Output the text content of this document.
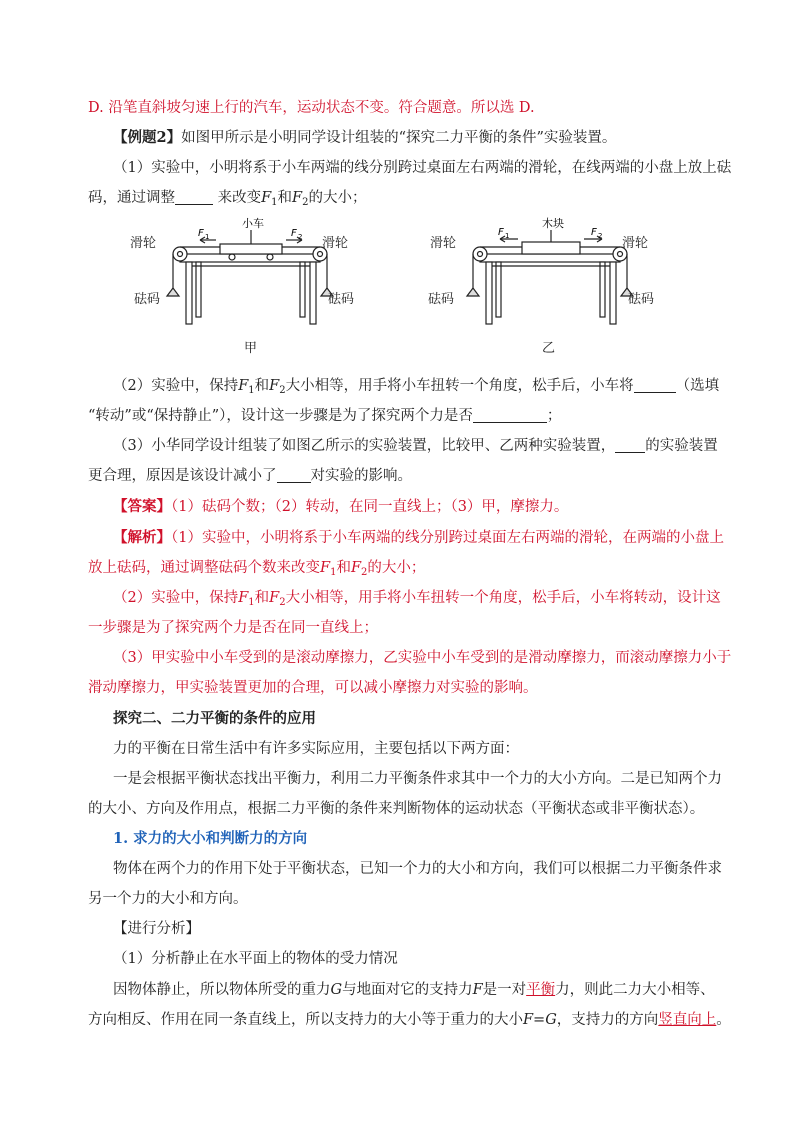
D. 沿笔直斜坡匀速上行的汽车，运动状态不变。符合题意。所以选 D.
【例题2】如图甲所示是小明同学设计组装的“探究二力平衡的条件”实验装置。
（1）实验中，小明将系于小车两端的线分别跨过桌面左右两端的滑轮，在线两端的小盘上放上砝
码，通过调整	来改变$F_1$和$F_2$的大小；
小车
F	F
1	2
滑轮	滑轮
砝码	砝码
甲
木块
F	F
1	2
滑轮	滑轮
砝码	砝码
乙
（2）实验中，保持$F_1$和$F_2$大小相等，用手将小车扭转一个角度，松手后，小车将	（选填
“转动”或“保持静止”），设计这一步骤是为了探究两个力是否	；
（3）小华同学设计组装了如图乙所示的实验装置，比较甲、乙两种实验装置， 的实验装置
更合理，原因是该设计减小了 对实验的影响。
【答案】（1）砝码个数；（2）转动，在同一直线上；（3）甲，摩擦力。
【解析】（1）实验中，小明将系于小车两端的线分别跨过桌面左右两端的滑轮，在两端的小盘上
放上砝码，通过调整砝码个数来改变$F_1$和$F_2$的大小；
（2）实验中，保持$F_1$和$F_2$大小相等，用手将小车扭转一个角度，松手后，小车将转动，设计这
一步骤是为了探究两个力是否在同一直线上；
（3）甲实验中小车受到的是滚动摩擦力，乙实验中小车受到的是滑动摩擦力，而滚动摩擦力小于
滑动摩擦力，甲实验装置更加的合理，可以减小摩擦力对实验的影响。
探究二、二力平衡的条件的应用
力的平衡在日常生活中有许多实际应用，主要包括以下两方面：
一是会根据平衡状态找出平衡力，利用二力平衡条件求其中一个力的大小方向。二是已知两个力
的大小、方向及作用点，根据二力平衡的条件来判断物体的运动状态（平衡状态或非平衡状态）。
1. 求力的大小和判断力的方向
物体在两个力的作用下处于平衡状态，已知一个力的大小和方向，我们可以根据二力平衡条件求
另一个力的大小和方向。
【进行分析】
（1）分析静止在水平面上的物体的受力情况
因物体静止，所以物体所受的重力G与地面对它的支持力F是一对平衡力，则此二力大小相等、
方向相反、作用在同一条直线上，所以支持力的大小等于重力的大小F=G，支持力的方向竖直向上。
